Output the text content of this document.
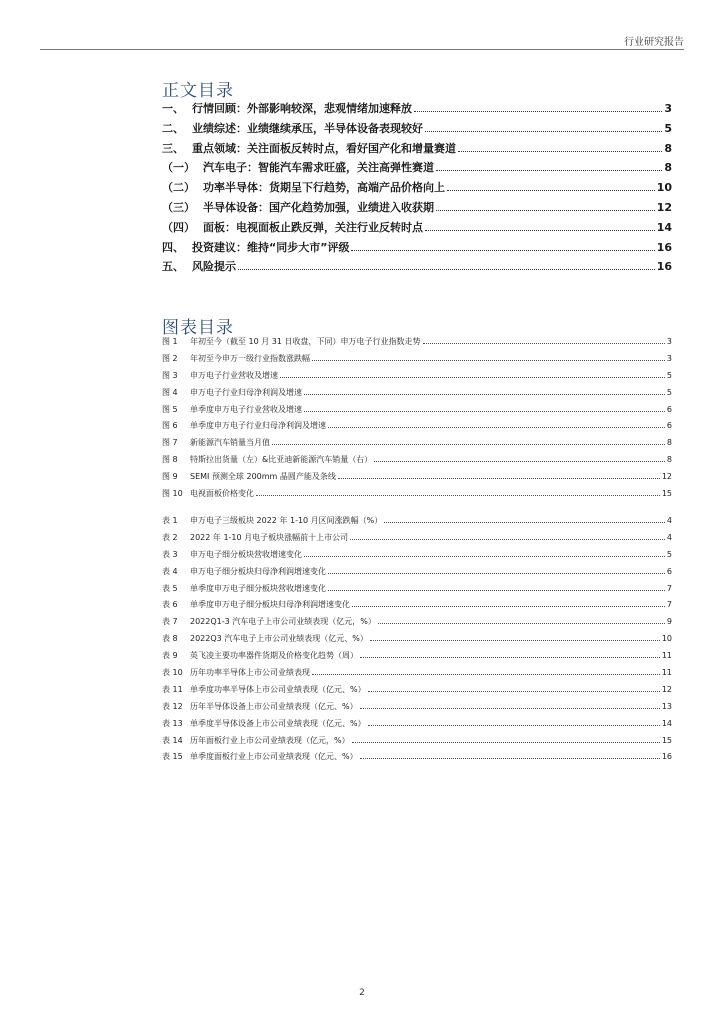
行业研究报告
正文目录
一、 行情回顾：外部影响较深，悲观情绪加速释放	3
二、 业绩综述：业绩继续承压，半导体设备表现较好	5
三、 重点领域：关注面板反转时点，看好国产化和增量赛道	8
（一） 汽车电子：智能汽车需求旺盛，关注高弹性赛道	8
（二） 功率半导体：货期呈下行趋势，高端产品价格向上	10
（三） 半导体设备：国产化趋势加强，业绩进入收获期	12
（四） 面板：电视面板止跌反弹，关注行业反转时点	14
四、 投资建议：维持“同步大市”评级	16
五、 风险提示	16
图表目录
图 1	年初至今（截至 10 月 31 日收盘，下同）申万电子行业指数走势	3
图 2	年初至今申万一级行业指数涨跌幅	3
图 3	申万电子行业营收及增速	5
图 4	申万电子行业归母净利润及增速	5
图 5	单季度申万电子行业营收及增速	6
图 6	单季度申万电子行业归母净利润及增速	6
图 7	新能源汽车销量当月值	8
图 8	特斯拉出货量（左）&比亚迪新能源汽车销量（右）	8
图 9	SEMI 预测全球 200mm 晶圆产能及条线	12
图 10 电视面板价格变化	15
表 1	申万电子三级板块 2022 年 1-10 月区间涨跌幅（%）	4
表 2	2022 年 1-10 月电子板块涨幅前十上市公司	4
表 3	申万电子细分板块营收增速变化	5
表 4	申万电子细分板块归母净利润增速变化	6
表 5	单季度申万电子细分板块营收增速变化	7
表 6	单季度申万电子细分板块归母净利润增速变化	7
表 7	2022Q1-3 汽车电子上市公司业绩表现（亿元，%）	9
表 8	2022Q3 汽车电子上市公司业绩表现（亿元、%）	10
表 9	英飞凌主要功率器件货期及价格变化趋势（周）	11
表 10 历年功率半导体上市公司业绩表现	11
表 11 单季度功率半导体上市公司业绩表现（亿元、%）	12
表 12 历年半导体设备上市公司业绩表现（亿元、%）	13
表 13 单季度半导体设备上市公司业绩表现（亿元、%）	14
表 14 历年面板行业上市公司业绩表现（亿元，%）	15
表 15 单季度面板行业上市公司业绩表现（亿元、%）	16
2
